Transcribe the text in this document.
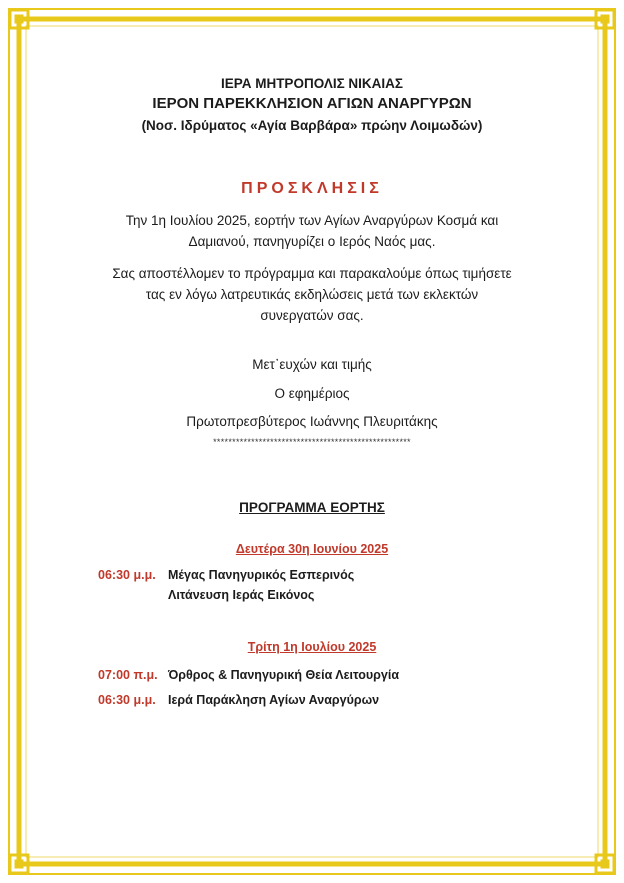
ΙΕΡΑ ΜΗΤΡΟΠΟΛΙΣ ΝΙΚΑΙΑΣ
ΙΕΡΟΝ ΠΑΡΕΚΚΛΗΣΙΟΝ ΑΓΙΩΝ ΑΝΑΡΓΥΡΩΝ
(Νοσ. Ιδρύματος «Αγία Βαρβάρα» πρώην Λοιμωδών)
ΠΡΟΣΚΛΗΣΙΣ
Την 1η Ιουλίου 2025, εορτήν των Αγίων Αναργύρων Κοσμά και
Δαμιανού, πανηγυρίζει ο Ιερός Ναός μας.
Σας αποστέλλομεν το πρόγραμμα και παρακαλούμε όπως τιμήσετε
τας εν λόγω λατρευτικάς εκδηλώσεις μετά των εκλεκτών
συνεργατών σας.
Μετ᾽ευχών και τιμής
Ο εφημέριος
Πρωτοπρεσβύτερος Ιωάννης Πλευριτάκης
****************************************************
ΠΡΟΓΡΑΜΜΑ ΕΟΡΤΗΣ
Δευτέρα 30η Ιουνίου 2025
06:30 μ.μ. Μέγας Πανηγυρικός Εσπερινός
Λιτάνευση Ιεράς Εικόνος
Τρίτη 1η Ιουλίου 2025
07:00 π.μ. Όρθρος & Πανηγυρική Θεία Λειτουργία
06:30 μ.μ. Ιερά Παράκληση Αγίων Αναργύρων
